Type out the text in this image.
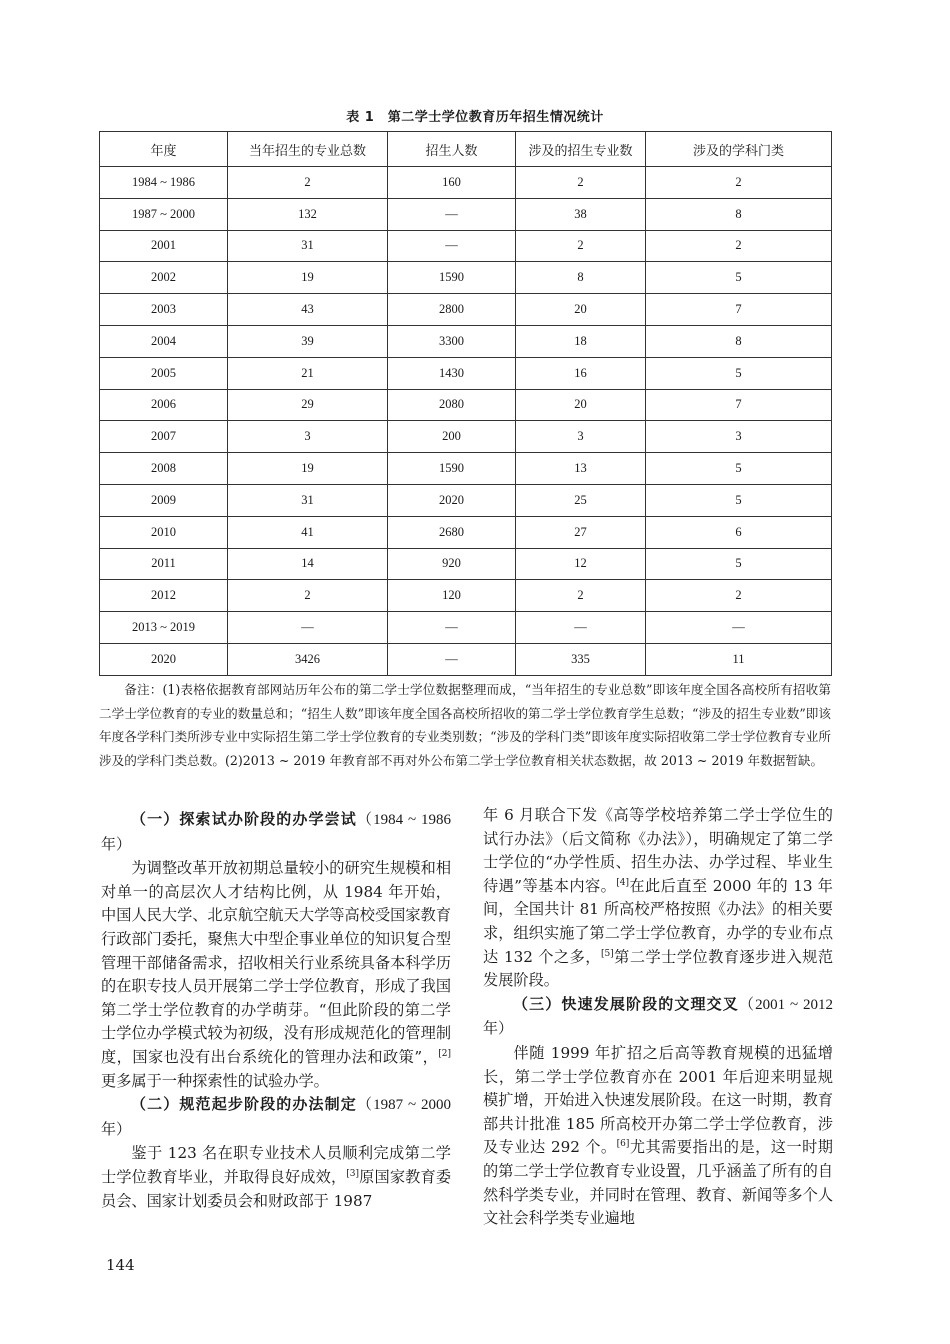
表 1　第二学士学位教育历年招生情况统计
年度	当年招生的专业总数	招生人数	涉及的招生专业数	涉及的学科门类
1984 ~ 1986	2	160	2	2
1987 ~ 2000	132	—	38	8
2001	31	—	2	2
2002	19	1590	8	5
2003	43	2800	20	7
2004	39	3300	18	8
2005	21	1430	16	5
2006	29	2080	20	7
2007	3	200	3	3
2008	19	1590	13	5
2009	31	2020	25	5
2010	41	2680	27	6
2011	14	920	12	5
2012	2	120	2	2
2013 ~ 2019	—	—	—	—
2020	3426	—	335	11
备注：(1)表格依据教育部网站历年公布的第二学士学位数据整理而成，“当年招生的专业总数”即该年度全国各高校所有招收第二学士学位教育的专业的数量总和；“招生人数”即该年度全国各高校所招收的第二学士学位教育学生总数；“涉及的招生专业数”即该年度各学科门类所涉专业中实际招生第二学士学位教育的专业类别数；“涉及的学科门类”即该年度实际招收第二学士学位教育专业所涉及的学科门类总数。(2)2013 ~ 2019 年教育部不再对外公布第二学士学位教育相关状态数据，故 2013 ~ 2019 年数据暂缺。
（一）探索试办阶段的办学尝试（1984 ~ 1986 年）

为调整改革开放初期总量较小的研究生规模和相对单一的高层次人才结构比例，从 1984 年开始，中国人民大学、北京航空航天大学等高校受国家教育行政部门委托，聚焦大中型企事业单位的知识复合型管理干部储备需求，招收相关行业系统具备本科学历的在职专技人员开展第二学士学位教育，形成了我国第二学士学位教育的办学萌芽。“但此阶段的第二学士学位办学模式较为初级，没有形成规范化的管理制度，国家也没有出台系统化的管理办法和政策”，[2]更多属于一种探索性的试验办学。

（二）规范起步阶段的办法制定（1987 ~ 2000 年）

鉴于 123 名在职专业技术人员顺利完成第二学士学位教育毕业，并取得良好成效，[3]原国家教育委员会、国家计划委员会和财政部于 1987

年 6 月联合下发《高等学校培养第二学士学位生的试行办法》（后文简称《办法》），明确规定了第二学士学位的“办学性质、招生办法、办学过程、毕业生待遇”等基本内容。[4]在此后直至 2000 年的 13 年间，全国共计 81 所高校严格按照《办法》的相关要求，组织实施了第二学士学位教育，办学的专业布点达 132 个之多，[5]第二学士学位教育逐步进入规范发展阶段。

（三）快速发展阶段的文理交叉（2001 ~ 2012 年）

伴随 1999 年扩招之后高等教育规模的迅猛增长，第二学士学位教育亦在 2001 年后迎来明显规模扩增，开始进入快速发展阶段。在这一时期，教育部共计批准 185 所高校开办第二学士学位教育，涉及专业达 292 个。[6]尤其需要指出的是，这一时期的第二学士学位教育专业设置，几乎涵盖了所有的自然科学类专业，并同时在管理、教育、新闻等多个人文社会科学类专业遍地

144
